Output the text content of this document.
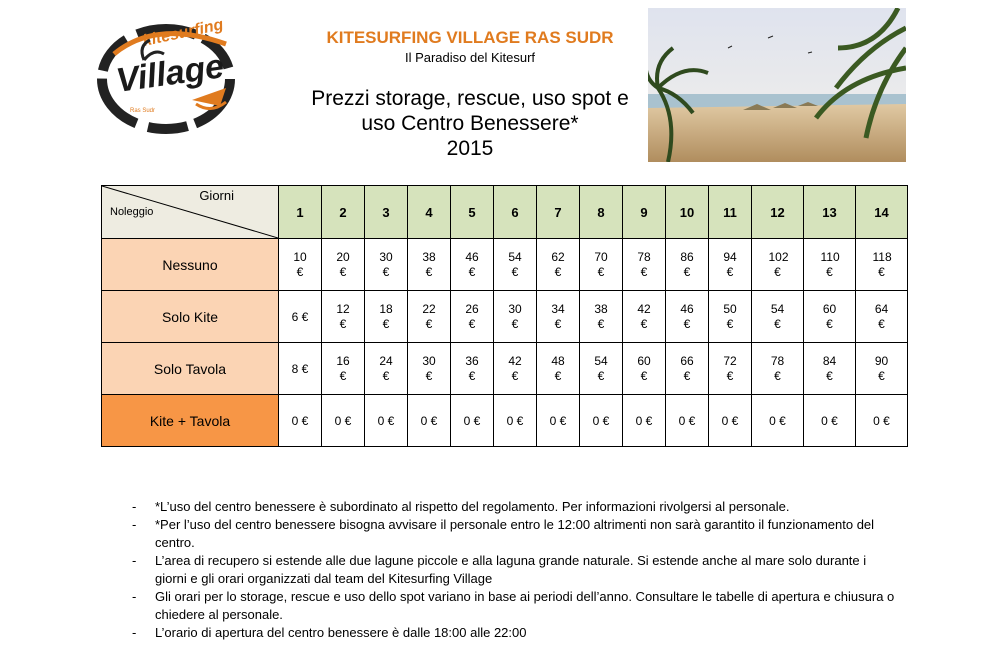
kitesurfing
Village
Ras Sudr
KITESURFING VILLAGE RAS SUDR
Il Paradiso del Kitesurf
Prezzi storage, rescue, uso spot e
uso Centro Benessere*
2015
Giorni
Noleggio	1	2	3	4	5	6	7	8	9	10	11	12	13	14
Nessuno	10 €	20 €	30 €	38 €	46 €	54 €	62 €	70 €	78 €	86 €	94 €	102 €	110 €	118 €
Solo Kite	6 €	12 €	18 €	22 €	26 €	30 €	34 €	38 €	42 €	46 €	50 €	54 €	60 €	64 €
Solo Tavola	8 €	16 €	24 €	30 €	36 €	42 €	48 €	54 €	60 €	66 €	72 €	78 €	84 €	90 €
Kite + Tavola	0 €	0 €	0 €	0 €	0 €	0 €	0 €	0 €	0 €	0 €	0 €	0 €	0 €	0 €
- *L’uso del centro benessere è subordinato al rispetto del regolamento. Per informazioni rivolgersi al personale.
- *Per l’uso del centro benessere bisogna avvisare il personale entro le 12:00 altrimenti non sarà garantito il funzionamento del centro.
- L’area di recupero si estende alle due lagune piccole e alla laguna grande naturale. Si estende anche al mare solo durante i giorni e gli orari organizzati dal team del Kitesurfing Village
- Gli orari per lo storage, rescue e uso dello spot variano in base ai periodi dell’anno. Consultare le tabelle di apertura e chiusura o chiedere al personale.
- L’orario di apertura del centro benessere è dalle 18:00 alle 22:00
